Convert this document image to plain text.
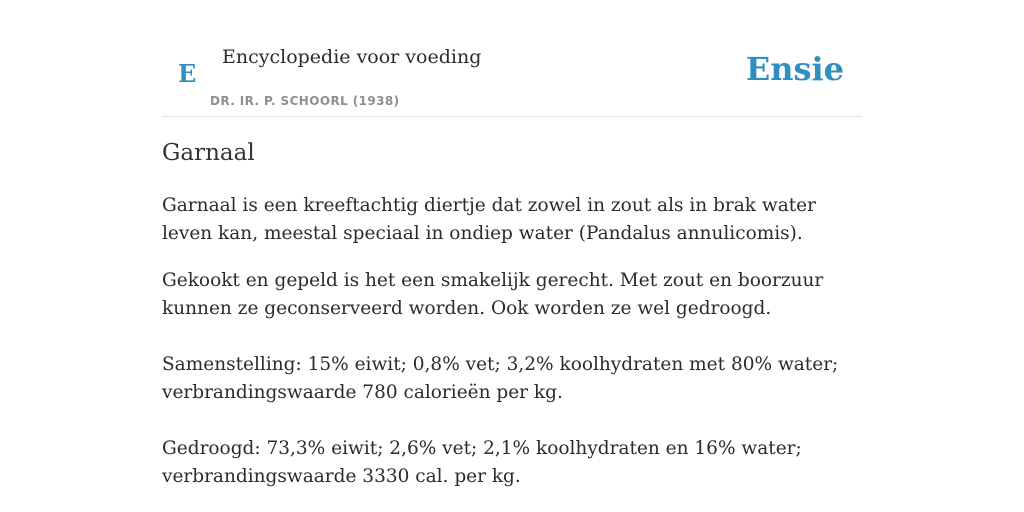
E
Encyclopedie voor voeding
DR. IR. P. SCHOORL (1938)
Ensie
Garnaal

Garnaal is een kreeftachtig diertje dat zowel in zout als in brak water leven kan, meestal speciaal in ondiep water (Pandalus annulicomis).

Gekookt en gepeld is het een smakelijk gerecht. Met zout en boorzuur kunnen ze geconserveerd worden. Ook worden ze wel gedroogd.

Samenstelling: 15% eiwit; 0,8% vet; 3,2% koolhydraten met 80% water; verbrandingswaarde 780 calorieën per kg.

Gedroogd: 73,3% eiwit; 2,6% vet; 2,1% koolhydraten en 16% water; verbrandingswaarde 3330 cal. per kg.
